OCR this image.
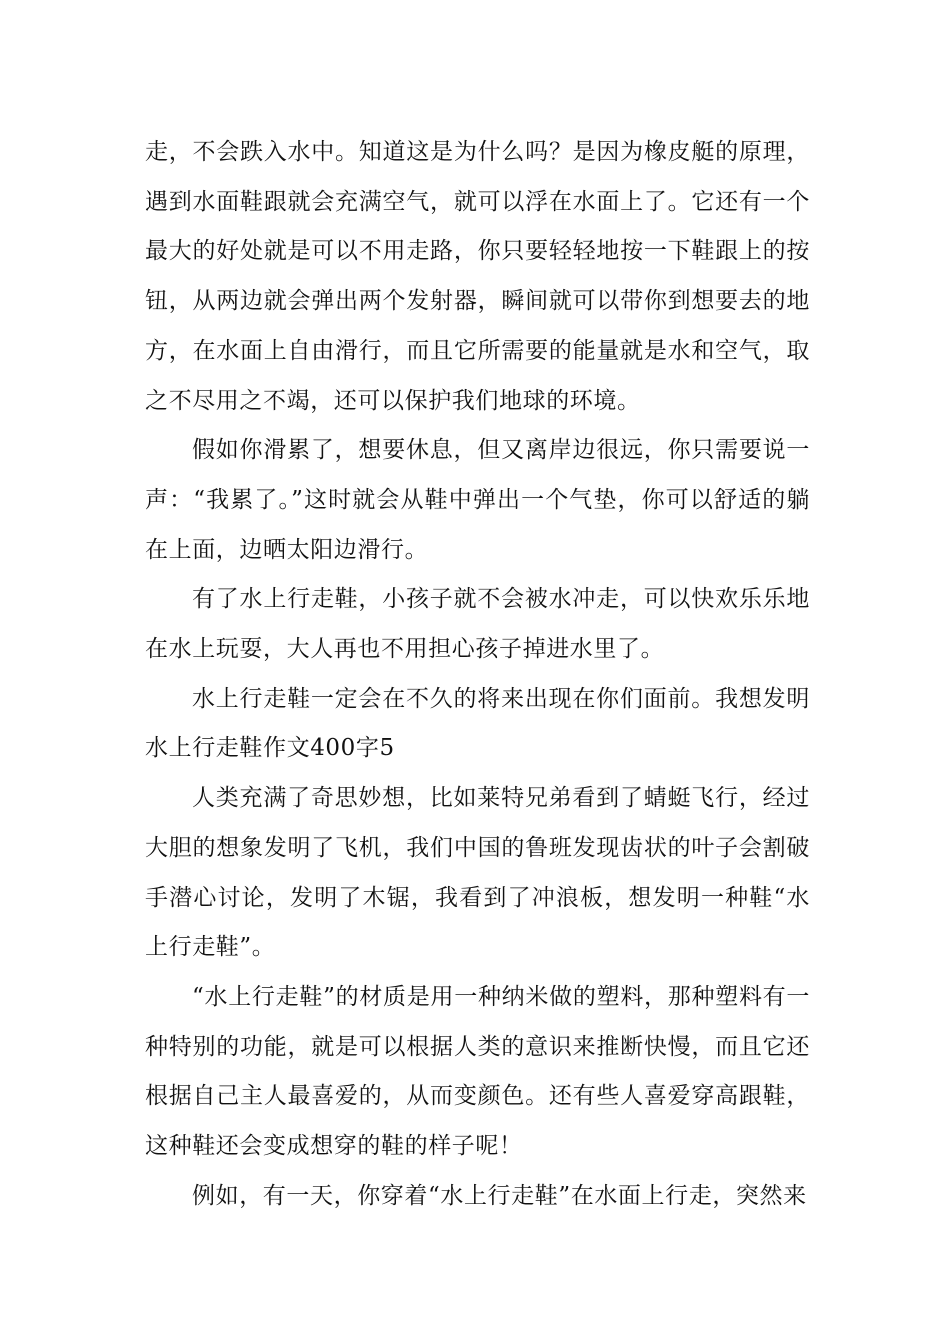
走，不会跌入水中。知道这是为什么吗？是因为橡皮艇的原理，遇到水面鞋跟就会充满空气，就可以浮在水面上了。它还有一个最大的好处就是可以不用走路，你只要轻轻地按一下鞋跟上的按钮，从两边就会弹出两个发射器，瞬间就可以带你到想要去的地方，在水面上自由滑行，而且它所需要的能量就是水和空气，取之不尽用之不竭，还可以保护我们地球的环境。

假如你滑累了，想要休息，但又离岸边很远，你只需要说一声：“我累了。”这时就会从鞋中弹出一个气垫，你可以舒适的躺在上面，边晒太阳边滑行。

有了水上行走鞋，小孩子就不会被水冲走，可以快欢乐乐地在水上玩耍，大人再也不用担心孩子掉进水里了。

水上行走鞋一定会在不久的将来出现在你们面前。我想发明水上行走鞋作文400字5

人类充满了奇思妙想，比如莱特兄弟看到了蜻蜓飞行，经过大胆的想象发明了飞机，我们中国的鲁班发现齿状的叶子会割破手潜心讨论，发明了木锯，我看到了冲浪板，想发明一种鞋“水上行走鞋”。

“水上行走鞋”的材质是用一种纳米做的塑料，那种塑料有一种特别的功能，就是可以根据人类的意识来推断快慢，而且它还根据自己主人最喜爱的，从而变颜色。还有些人喜爱穿高跟鞋，这种鞋还会变成想穿的鞋的样子呢！

例如，有一天，你穿着“水上行走鞋”在水面上行走，突然来
